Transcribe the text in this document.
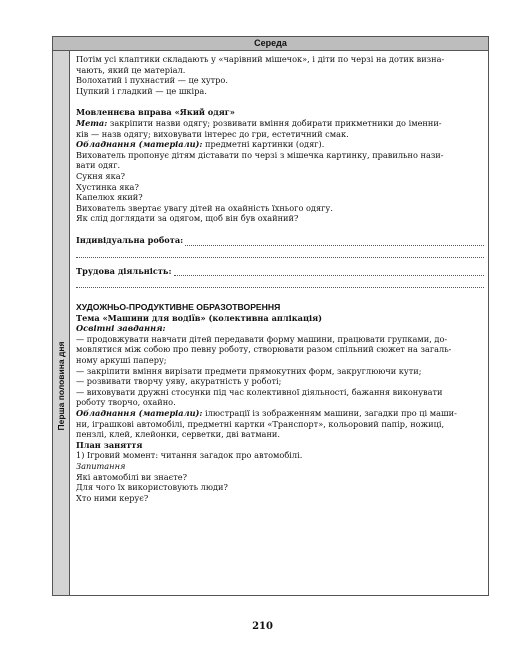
Середа
Перша половина дня

Потім усі клаптики складають у «чарівний мішечок», і діти по черзі на дотик визна-

чають, який це матеріал.

Волохатий і пухнастий — це хутро.

Цупкий і гладкий — це шкіра.

Мовленнєва вправа «Який одяг»

Мета: закріпити назви одягу; розвивати вміння добирати прикметники до іменни-

ків — назв одягу; виховувати інтерес до гри, естетичний смак.

Обладнання (матеріали): предметні картинки (одяг).

Вихователь пропонує дітям діставати по черзі з мішечка картинку, правильно нази-

вати одяг.

Сукня яка?

Хустинка яка?

Капелюх який?

Вихователь звертає увагу дітей на охайність їхнього одягу.

Як слід доглядати за одягом, щоб він був охайний?

Індивідуальна робота:
Трудова діяльність:

ХУДОЖНЬО-ПРОДУКТИВНЕ ОБРАЗОТВОРЕННЯ

Тема «Машини для водіїв» (колективна аплікація)

Освітні завдання:

— продовжувати навчати дітей передавати форму машини, працювати групками, до-

мовлятися між собою про певну роботу, створювати разом спільний сюжет на загаль-

ному аркуші паперу;

— закріпити вміння вирізати предмети прямокутних форм, закруглюючи кути;

— розвивати творчу уяву, акуратність у роботі;

— виховувати дружні стосунки під час колективної діяльності, бажання виконувати

роботу творчо, охайно.

Обладнання (матеріали): ілюстрації із зображенням машини, загадки про ці маши-

ни, іграшкові автомобілі, предметні картки «Транспорт», кольоровий папір, ножиці,

пензлі, клей, клейонки, серветки, дві ватмани.

План заняття

1) Ігровий момент: читання загадок про автомобілі.

Запитання

Які автомобілі ви знаєте?

Для чого їх використовують люди?

Хто ними керує?

210
